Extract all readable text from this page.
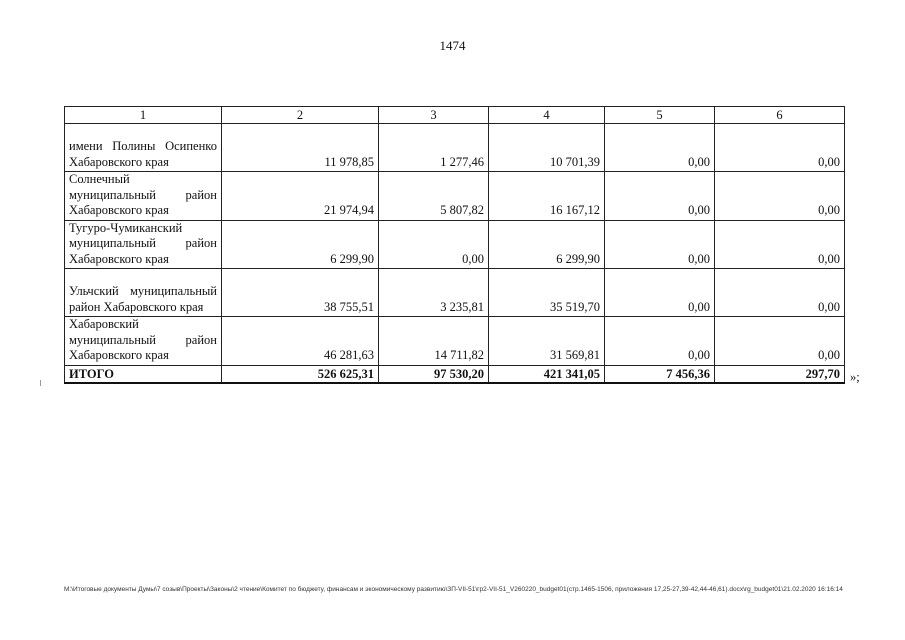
1474
1	2	3	4	5	6
имени Полины Осипенко Хабаровского края	11 978,85	1 277,46	10 701,39	0,00	0,00
Солнечный муниципальный район Хабаровского края	21 974,94	5 807,82	16 167,12	0,00	0,00
Тугуро-Чумиканский муниципальный район Хабаровского края	6 299,90	0,00	6 299,90	0,00	0,00
Ульчский муниципальный район Хабаровского края	38 755,51	3 235,81	35 519,70	0,00	0,00
Хабаровский муниципальный район Хабаровского края	46 281,63	14 711,82	31 569,81	0,00	0,00
ИТОГО	526 625,31	97 530,20	421 341,05	7 456,36	297,70 »;
M:\Итоговые документы Думы\7 созыв\Проекты\Законы\2 чтение\Комитет по бюджету, финансам и экономическому развитию\ЗП-VII-51\гр2-VII-51_V260220_budget01(стр.1465-1506, приложения 17,25-27,39-42,44-46,61).docx\rg_budget01\21.02.2020 16:16:14
